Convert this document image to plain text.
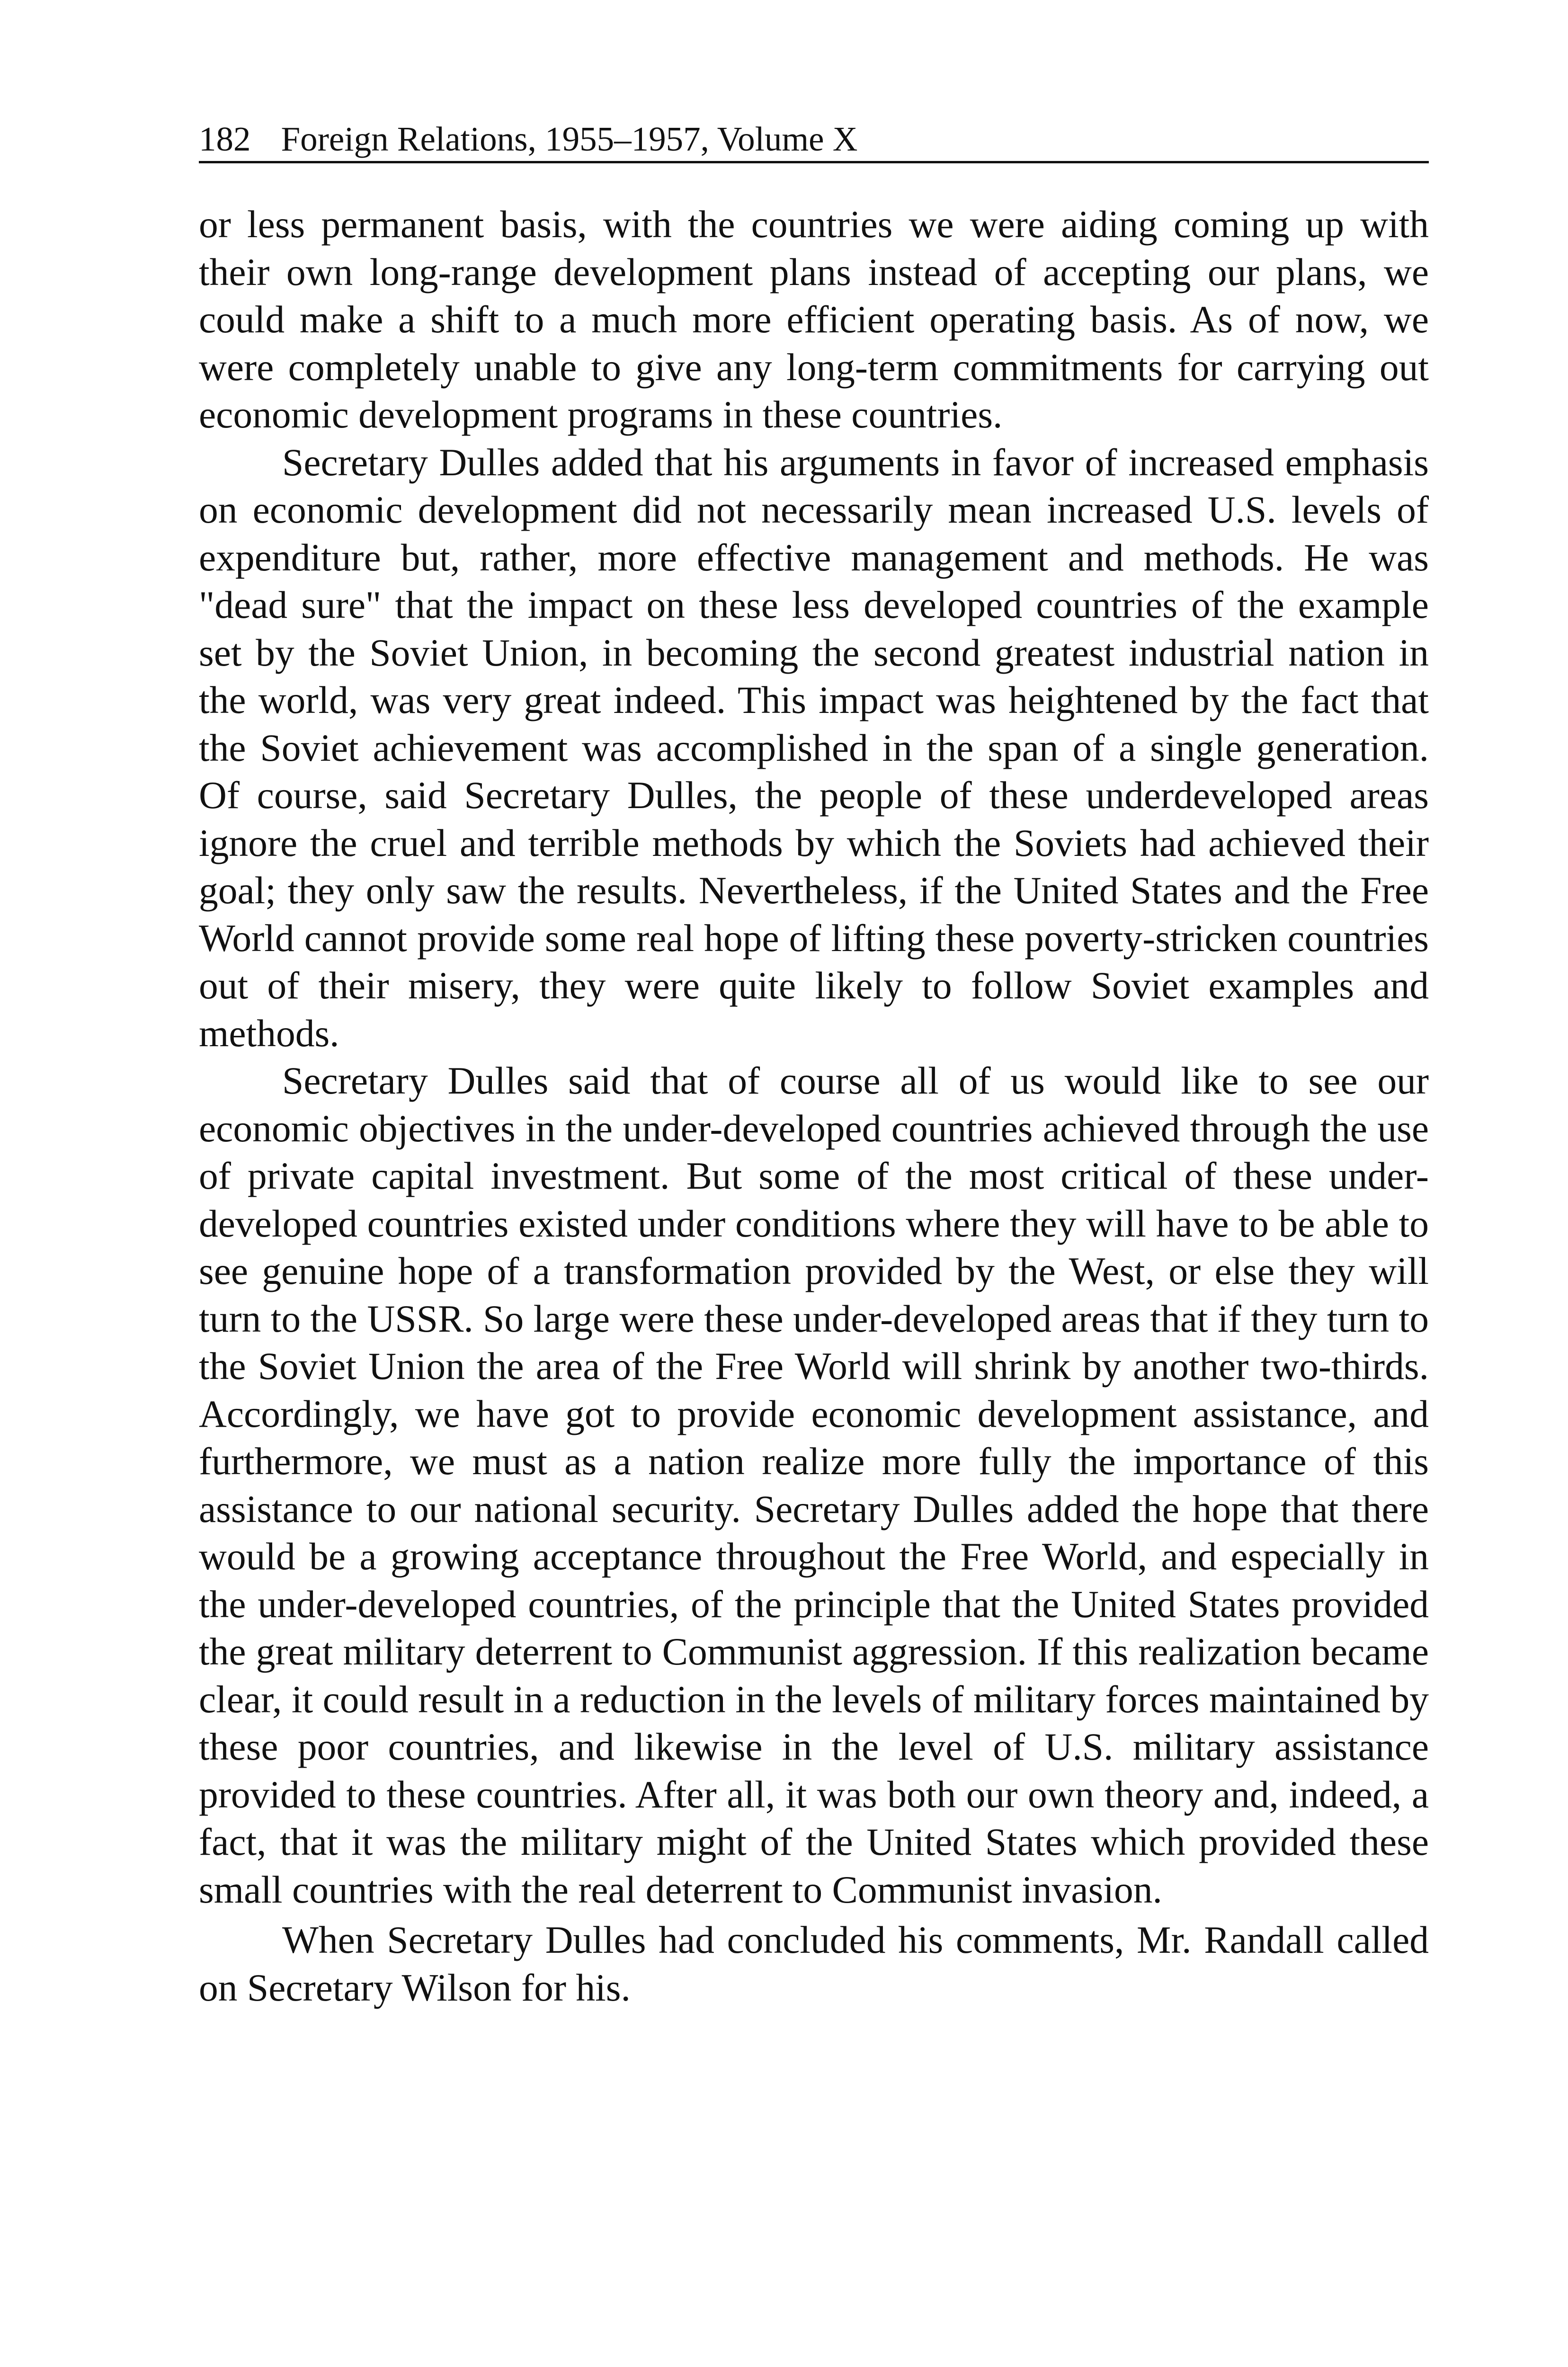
182 Foreign Relations, 1955–1957, Volume X

or less permanent basis, with the countries we were aiding coming up with their own long-range development plans instead of accepting our plans, we could make a shift to a much more efficient operating basis. As of now, we were completely unable to give any long-term commitments for carrying out economic development programs in these countries.

Secretary Dulles added that his arguments in favor of increased emphasis on economic development did not necessarily mean increased U.S. levels of expenditure but, rather, more effective management and methods. He was "dead sure" that the impact on these less developed countries of the example set by the Soviet Union, in becoming the second greatest industrial nation in the world, was very great indeed. This impact was heightened by the fact that the Soviet achievement was accomplished in the span of a single generation. Of course, said Secretary Dulles, the people of these underdeveloped areas ignore the cruel and terrible methods by which the Soviets had achieved their goal; they only saw the results. Nevertheless, if the United States and the Free World cannot provide some real hope of lifting these poverty-stricken countries out of their misery, they were quite likely to follow Soviet examples and methods.

Secretary Dulles said that of course all of us would like to see our economic objectives in the under-developed countries achieved through the use of private capital investment. But some of the most critical of these under-developed countries existed under conditions where they will have to be able to see genuine hope of a transformation provided by the West, or else they will turn to the USSR. So large were these under-developed areas that if they turn to the Soviet Union the area of the Free World will shrink by another two-thirds. Accordingly, we have got to provide economic development assistance, and furthermore, we must as a nation realize more fully the importance of this assistance to our national security. Secretary Dulles added the hope that there would be a growing acceptance throughout the Free World, and especially in the under-developed countries, of the principle that the United States provided the great military deterrent to Communist aggression. If this realization became clear, it could result in a reduction in the levels of military forces maintained by these poor countries, and likewise in the level of U.S. military assistance provided to these countries. After all, it was both our own theory and, indeed, a fact, that it was the military might of the United States which provided these small countries with the real deterrent to Communist invasion.

When Secretary Dulles had concluded his comments, Mr. Randall called on Secretary Wilson for his.
